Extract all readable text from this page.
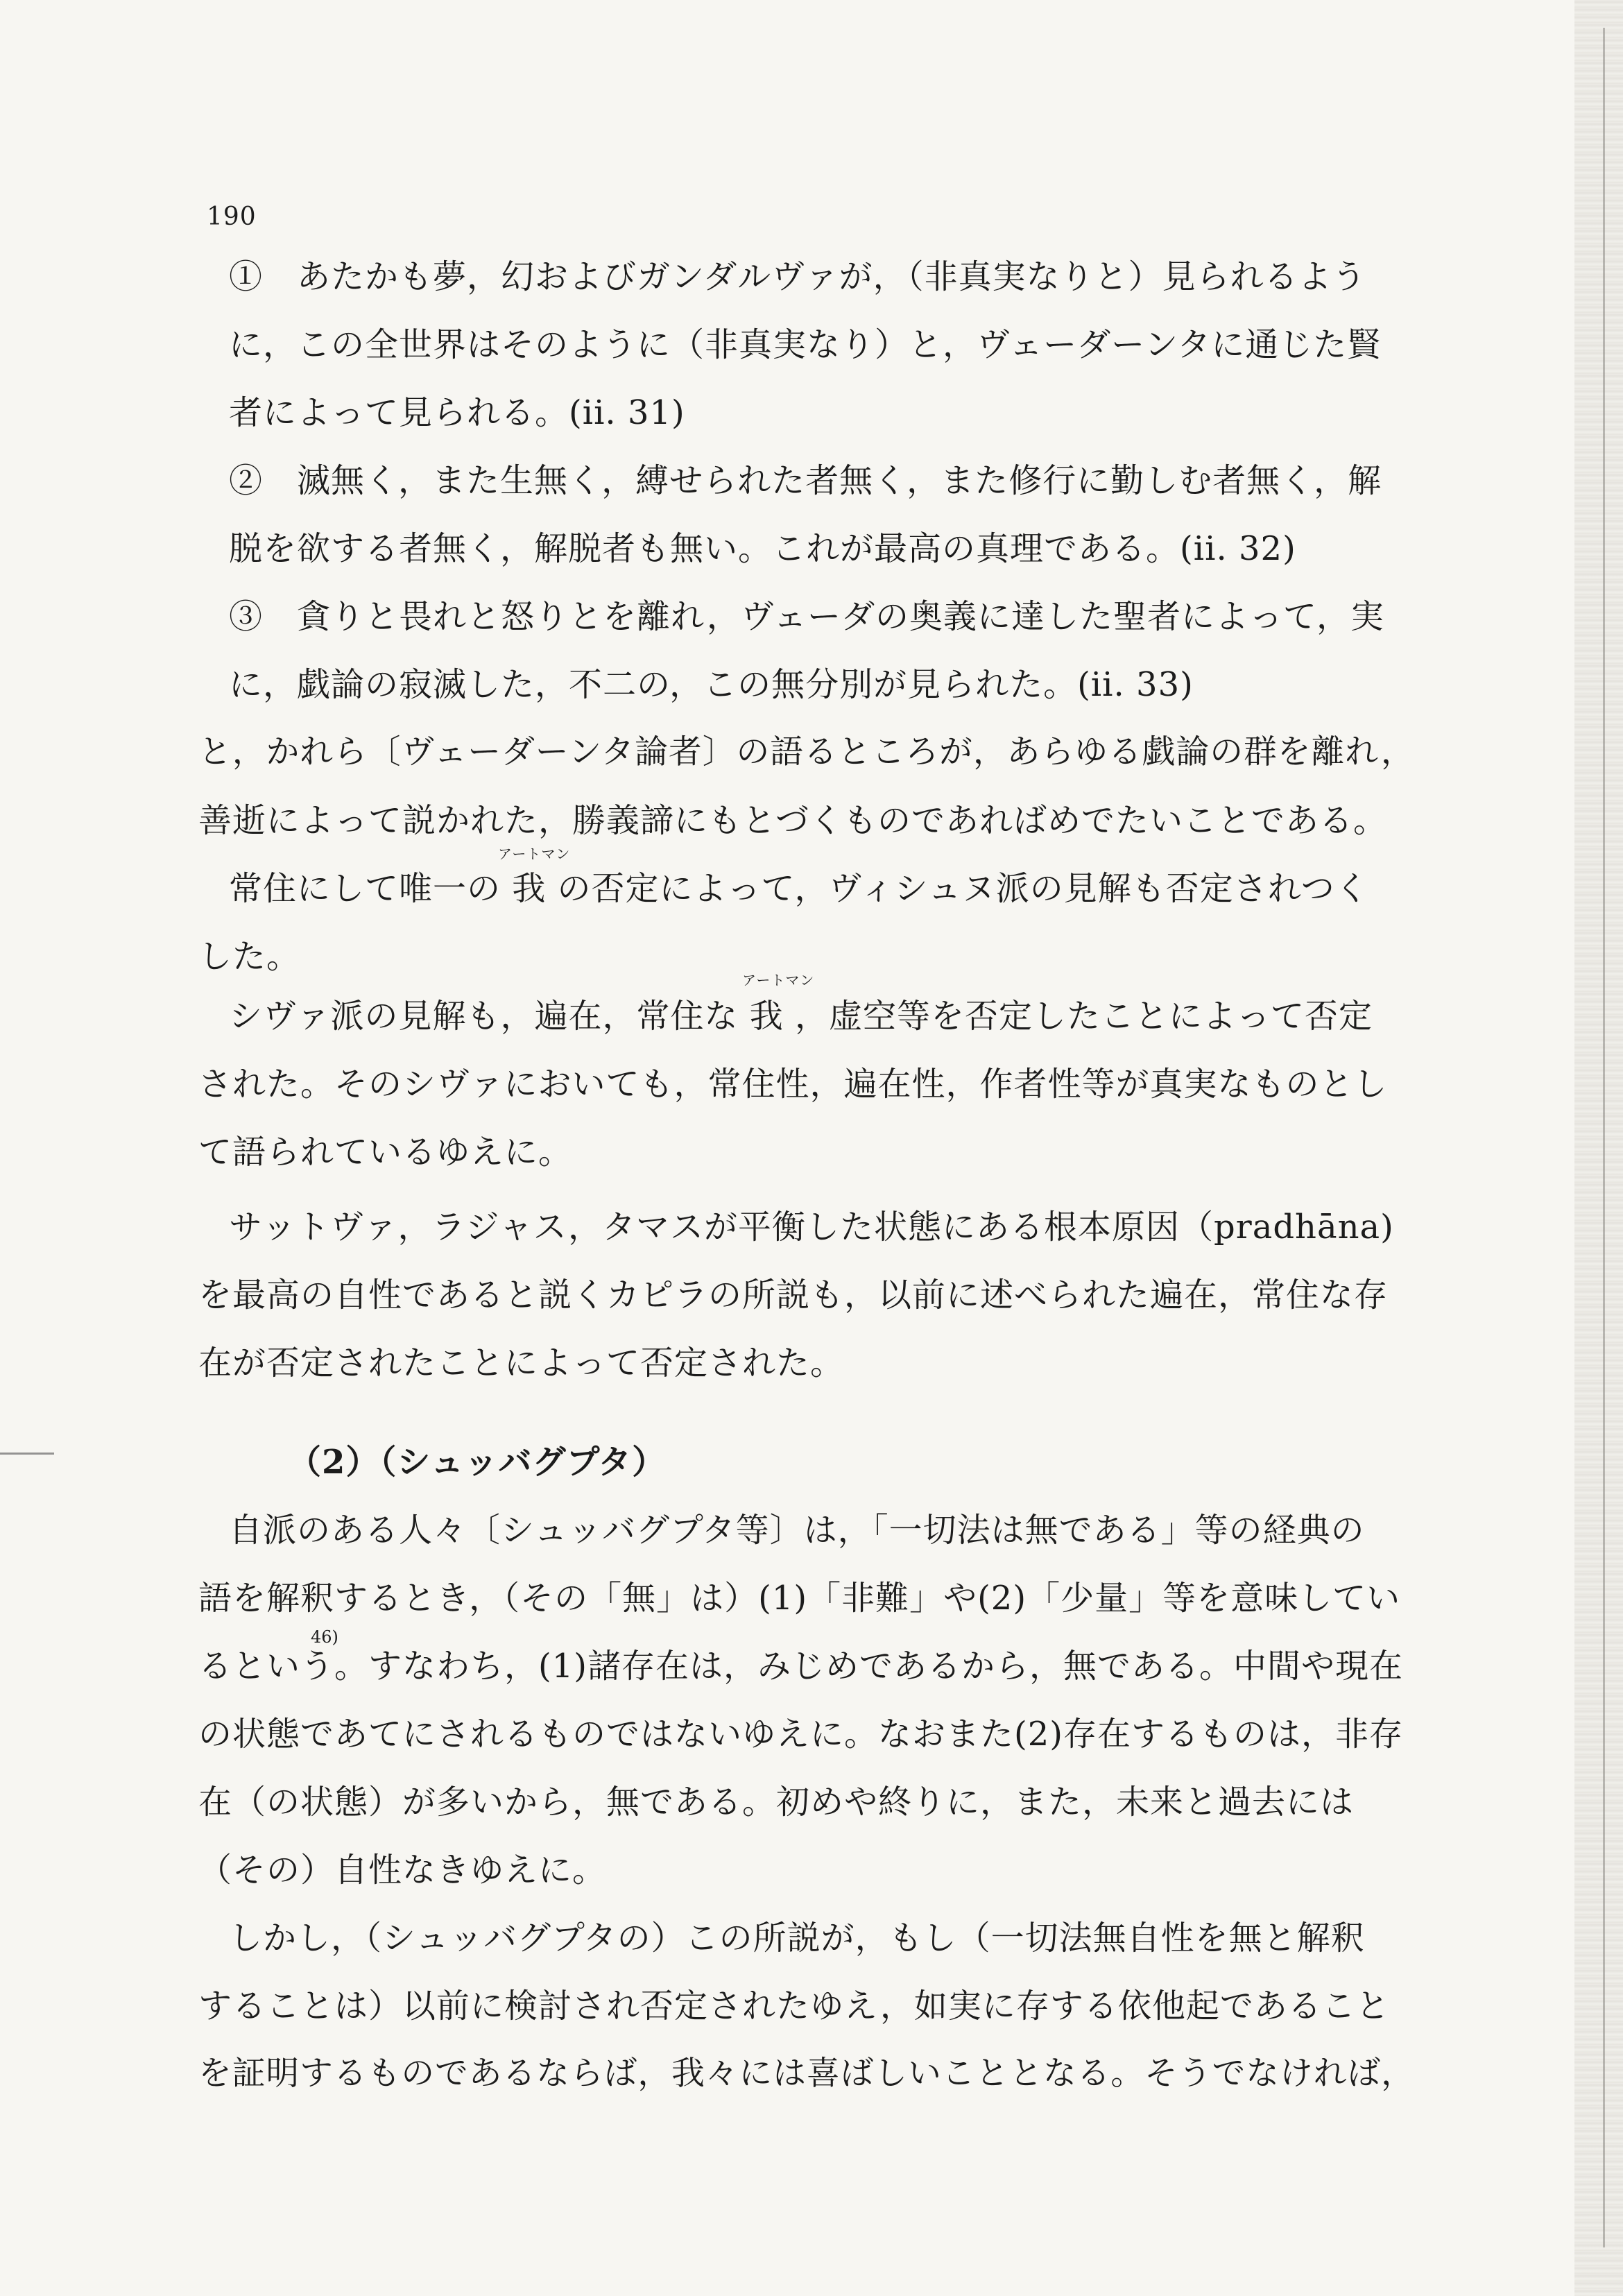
190
①　あたかも夢，幻およびガンダルヴァが，（非真実なりと）見られるよう
に，この全世界はそのように（非真実なり）と，ヴェーダーンタに通じた賢
者によって見られる。(ii. 31)
②　滅無く，また生無く，縛せられた者無く，また修行に勤しむ者無く，解
脱を欲する者無く，解脱者も無い。これが最高の真理である。(ii. 32)
③　貪りと畏れと怒りとを離れ，ヴェーダの奥義に達した聖者によって，実
に，戯論の寂滅した，不二の，この無分別が見られた。(ii. 33)
と，かれら〔ヴェーダーンタ論者〕の語るところが，あらゆる戯論の群を離れ，
善逝によって説かれた，勝義諦にもとづくものであればめでたいことである。
アートマン
常住にして唯一の 我 の否定によって，ヴィシュヌ派の見解も否定されつく
した。
アートマン
シヴァ派の見解も，遍在，常住な 我 ，虚空等を否定したことによって否定
された。そのシヴァにおいても，常住性，遍在性，作者性等が真実なものとし
て語られているゆえに。
サットヴァ，ラジャス，タマスが平衡した状態にある根本原因（pradhāna)
を最高の自性であると説くカピラの所説も，以前に述べられた遍在，常住な存
在が否定されたことによって否定された。
（2）（シュッバグプタ）
自派のある人々〔シュッバグプタ等〕は，「一切法は無である」等の経典の
語を解釈するとき，（その「無」は）(1)「非難」や(2)「少量」等を意味してい
46)
るという。すなわち，(1)諸存在は，みじめであるから，無である。中間や現在
の状態であてにされるものではないゆえに。なおまた(2)存在するものは，非存
在（の状態）が多いから，無である。初めや終りに，また，未来と過去には
（その）自性なきゆえに。
しかし，（シュッバグプタの）この所説が，もし（一切法無自性を無と解釈
することは）以前に検討され否定されたゆえ，如実に存する依他起であること
を証明するものであるならば，我々には喜ばしいこととなる。そうでなければ，
